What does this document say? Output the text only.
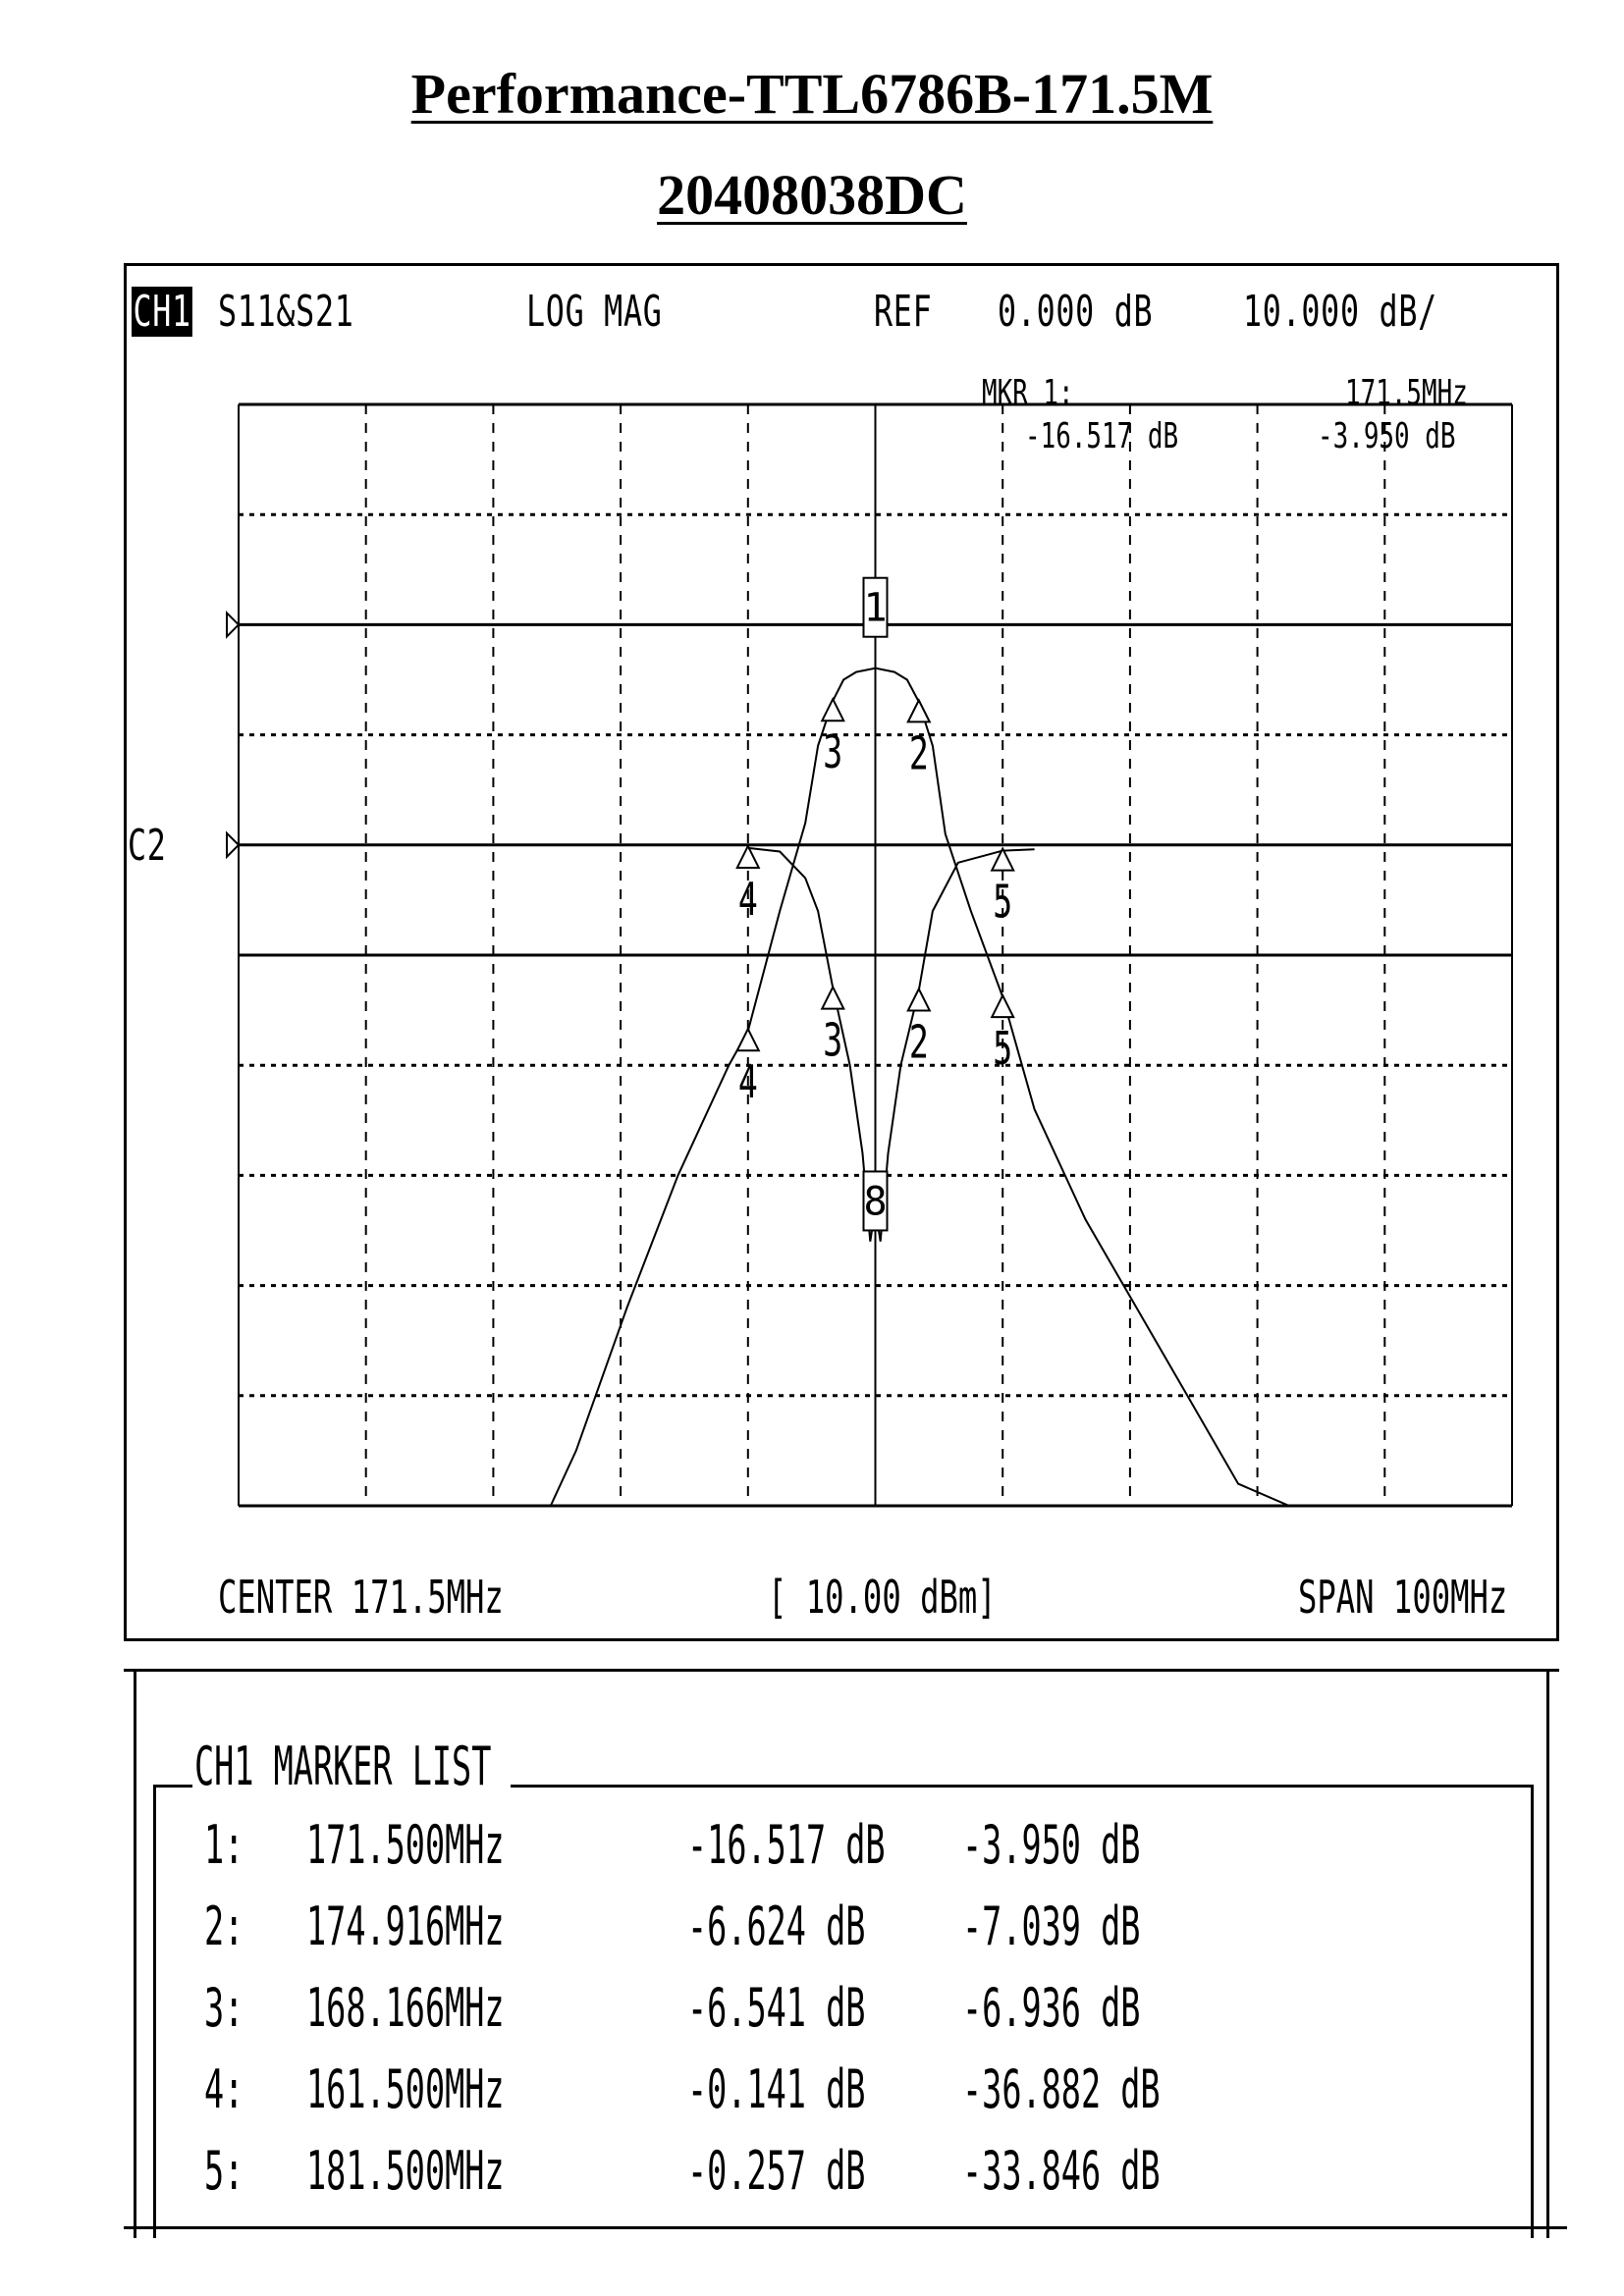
Performance-TTL6786B-171.5M
20408038DC
CH1 S11&S21	LOG MAG	REF 0.000 dB 10.000 dB/
MKR 1:	171.5MHz
-16.517 dB	-3.950 dB
C2
1
8
2
2
3
3
4
4
5
5
CENTER 171.5MHz	[ 10.00 dBm]	SPAN 100MHz
CH1 MARKER LIST
1: 171.500MHz	-16.517 dB -3.950 dB
2: 174.916MHz	-6.624 dB -7.039 dB
3: 168.166MHz	-6.541 dB -6.936 dB
4: 161.500MHz	-0.141 dB -36.882 dB
5: 181.500MHz	-0.257 dB -33.846 dB
